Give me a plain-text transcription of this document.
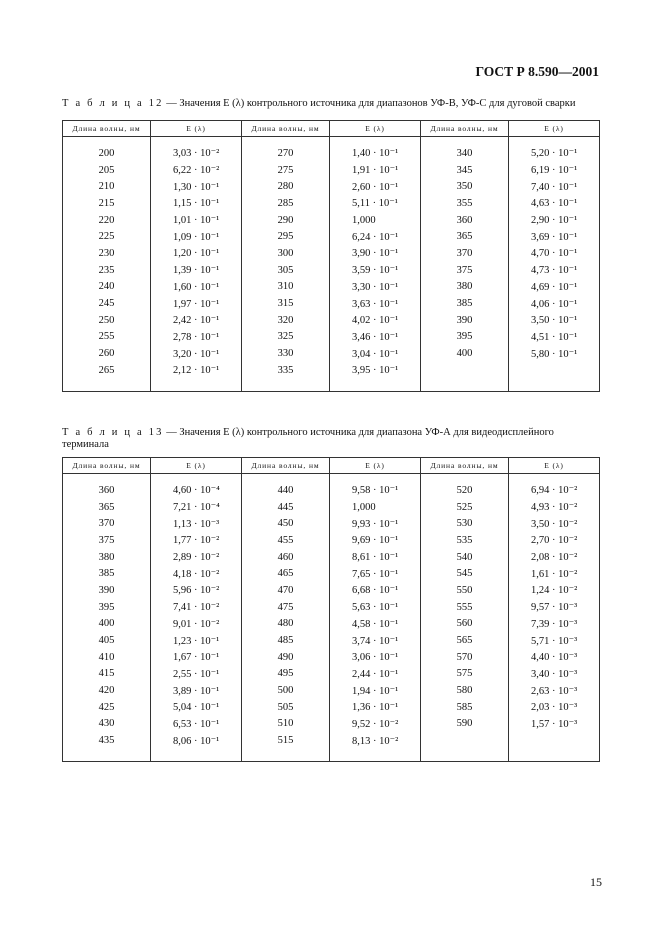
ГОСТ Р 8.590—2001
Т а б л и ц а 12 — Значения E (λ) контрольного источника для диапазонов УФ-В, УФ-С для дуговой сварки
Длина волны, нм	E (λ)	Длина волны, нм	E (λ)	Длина волны, нм	E (λ)

200	3,03 · 10⁻²	270	1,40 · 10⁻¹	340	5,20 · 10⁻¹
205	6,22 · 10⁻²	275	1,91 · 10⁻¹	345	6,19 · 10⁻¹
210	1,30 · 10⁻¹	280	2,60 · 10⁻¹	350	7,40 · 10⁻¹
215	1,15 · 10⁻¹	285	5,11 · 10⁻¹	355	4,63 · 10⁻¹
220	1,01 · 10⁻¹	290	1,000	360	2,90 · 10⁻¹
225	1,09 · 10⁻¹	295	6,24 · 10⁻¹	365	3,69 · 10⁻¹
230	1,20 · 10⁻¹	300	3,90 · 10⁻¹	370	4,70 · 10⁻¹
235	1,39 · 10⁻¹	305	3,59 · 10⁻¹	375	4,73 · 10⁻¹
240	1,60 · 10⁻¹	310	3,30 · 10⁻¹	380	4,69 · 10⁻¹
245	1,97 · 10⁻¹	315	3,63 · 10⁻¹	385	4,06 · 10⁻¹
250	2,42 · 10⁻¹	320	4,02 · 10⁻¹	390	3,50 · 10⁻¹
255	2,78 · 10⁻¹	325	3,46 · 10⁻¹	395	4,51 · 10⁻¹
260	3,20 · 10⁻¹	330	3,04 · 10⁻¹	400	5,80 · 10⁻¹
265	2,12 · 10⁻¹	335	3,95 · 10⁻¹		

Т а б л и ц а 13 — Значения E (λ) контрольного источника для диапазона УФ-А для видеодисплейного терминала
Длина волны, нм	E (λ)	Длина волны, нм	E (λ)	Длина волны, нм	E (λ)

360	4,60 · 10⁻⁴	440	9,58 · 10⁻¹	520	6,94 · 10⁻²
365	7,21 · 10⁻⁴	445	1,000	525	4,93 · 10⁻²
370	1,13 · 10⁻³	450	9,93 · 10⁻¹	530	3,50 · 10⁻²
375	1,77 · 10⁻²	455	9,69 · 10⁻¹	535	2,70 · 10⁻²
380	2,89 · 10⁻²	460	8,61 · 10⁻¹	540	2,08 · 10⁻²
385	4,18 · 10⁻²	465	7,65 · 10⁻¹	545	1,61 · 10⁻²
390	5,96 · 10⁻²	470	6,68 · 10⁻¹	550	1,24 · 10⁻²
395	7,41 · 10⁻²	475	5,63 · 10⁻¹	555	9,57 · 10⁻³
400	9,01 · 10⁻²	480	4,58 · 10⁻¹	560	7,39 · 10⁻³
405	1,23 · 10⁻¹	485	3,74 · 10⁻¹	565	5,71 · 10⁻³
410	1,67 · 10⁻¹	490	3,06 · 10⁻¹	570	4,40 · 10⁻³
415	2,55 · 10⁻¹	495	2,44 · 10⁻¹	575	3,40 · 10⁻³
420	3,89 · 10⁻¹	500	1,94 · 10⁻¹	580	2,63 · 10⁻³
425	5,04 · 10⁻¹	505	1,36 · 10⁻¹	585	2,03 · 10⁻³
430	6,53 · 10⁻¹	510	9,52 · 10⁻²	590	1,57 · 10⁻³
435	8,06 · 10⁻¹	515	8,13 · 10⁻²		

15
